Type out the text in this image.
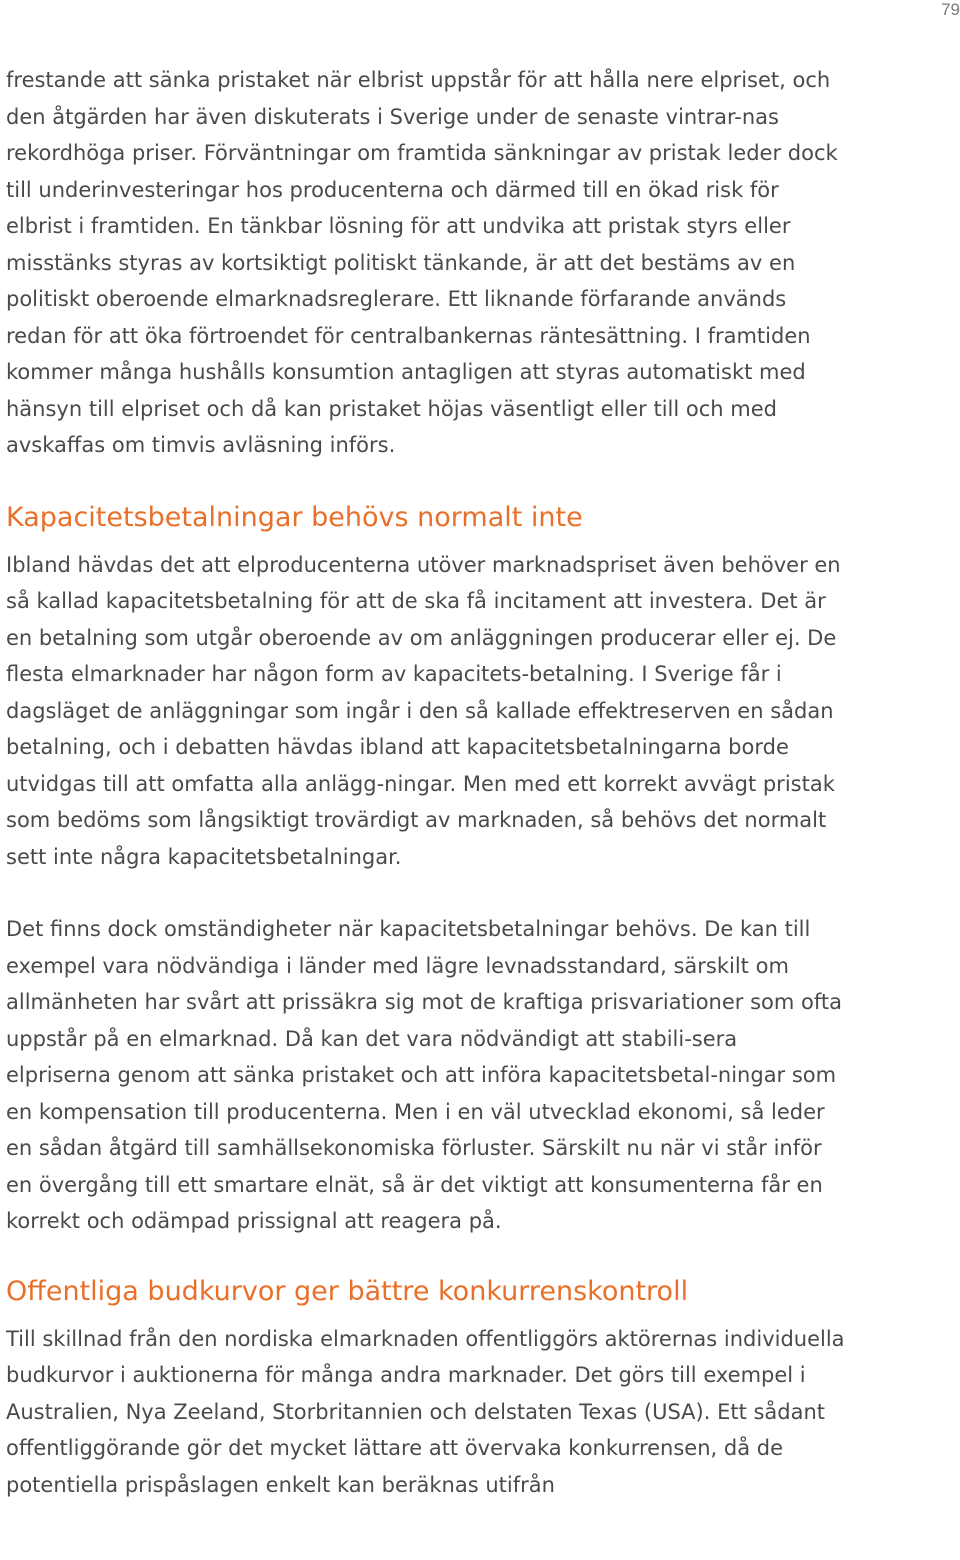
79

frestande att sänka pristaket när elbrist uppstår för att hålla nere elpriset, och den åtgärden har även diskuterats i Sverige under de senaste vintrar-nas rekordhöga priser. Förväntningar om framtida sänkningar av pristak leder dock till underinvesteringar hos producenterna och därmed till en ökad risk för elbrist i framtiden. En tänkbar lösning för att undvika att pristak styrs eller misstänks styras av kortsiktigt politiskt tänkande, är att det bestäms av en politiskt oberoende elmarknadsreglerare. Ett liknande förfarande används redan för att öka förtroendet för centralbankernas räntesättning. I framtiden kommer många hushålls konsumtion antagligen att styras automatiskt med hänsyn till elpriset och då kan pristaket höjas väsentligt eller till och med avskaffas om timvis avläsning införs.

Kapacitetsbetalningar behövs normalt inte

Ibland hävdas det att elproducenterna utöver marknadspriset även behöver en så kallad kapacitetsbetalning för att de ska få incitament att investera. Det är en betalning som utgår oberoende av om anläggningen producerar eller ej. De flesta elmarknader har någon form av kapacitets-betalning. I Sverige får i dagsläget de anläggningar som ingår i den så kallade effektreserven en sådan betalning, och i debatten hävdas ibland att kapacitetsbetalningarna borde utvidgas till att omfatta alla anlägg-ningar. Men med ett korrekt avvägt pristak som bedöms som långsiktigt trovärdigt av marknaden, så behövs det normalt sett inte några kapacitetsbetalningar.

Det finns dock omständigheter när kapacitetsbetalningar behövs. De kan till exempel vara nödvändiga i länder med lägre levnadsstandard, särskilt om allmänheten har svårt att prissäkra sig mot de kraftiga prisvariationer som ofta uppstår på en elmarknad. Då kan det vara nödvändigt att stabili-sera elpriserna genom att sänka pristaket och att införa kapacitetsbetal-ningar som en kompensation till producenterna. Men i en väl utvecklad ekonomi, så leder en sådan åtgärd till samhällsekonomiska förluster. Särskilt nu när vi står inför en övergång till ett smartare elnät, så är det viktigt att konsumenterna får en korrekt och odämpad prissignal att reagera på.

Offentliga budkurvor ger bättre konkurrenskontroll

Till skillnad från den nordiska elmarknaden offentliggörs aktörernas individuella budkurvor i auktionerna för många andra marknader. Det görs till exempel i Australien, Nya Zeeland, Storbritannien och delstaten Texas (USA). Ett sådant offentliggörande gör det mycket lättare att övervaka konkurrensen, då de potentiella prispåslagen enkelt kan beräknas utifrån
